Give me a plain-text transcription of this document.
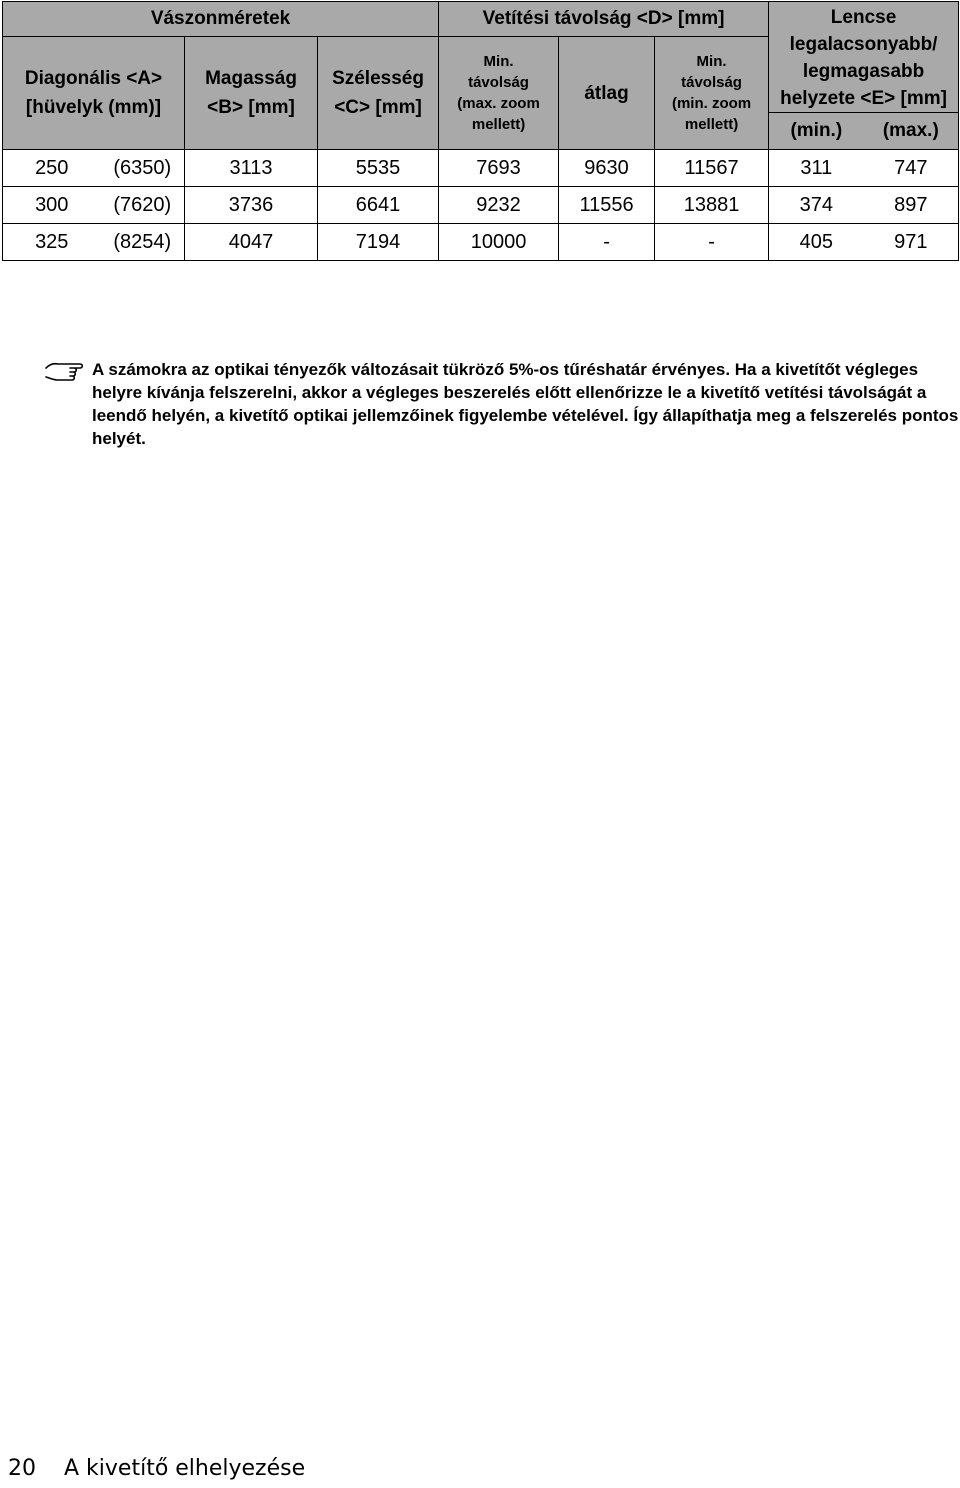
Vászonméretek				Vetítési távolság <D> [mm]			Lencse legalacsonyabb/ legmagasabb helyzete <E> [mm]	
Diagonális <A> [hüvelyk (mm)]		Magasság <B> [mm]	Szélesség <C> [mm]	Min. távolság (max. zoom mellett)	átlag	Min. távolság (min. zoom mellett)		
							(min.)	(max.)
250	(6350)	3113	5535	7693	9630	11567	311	747
300	(7620)	3736	6641	9232	11556	13881	374	897
325	(8254)	4047	7194	10000	-	-	405	971
A számokra az optikai tényezők változásait tükröző 5%-os tűréshatár érvényes. Ha a kivetítőt végleges helyre kívánja felszerelni, akkor a végleges beszerelés előtt ellenőrizze le a kivetítő vetítési távolságát a leendő helyén, a kivetítő optikai jellemzőinek figyelembe vételével. Így állapíthatja meg a felszerelés pontos helyét.
20 A kivetítő elhelyezése
